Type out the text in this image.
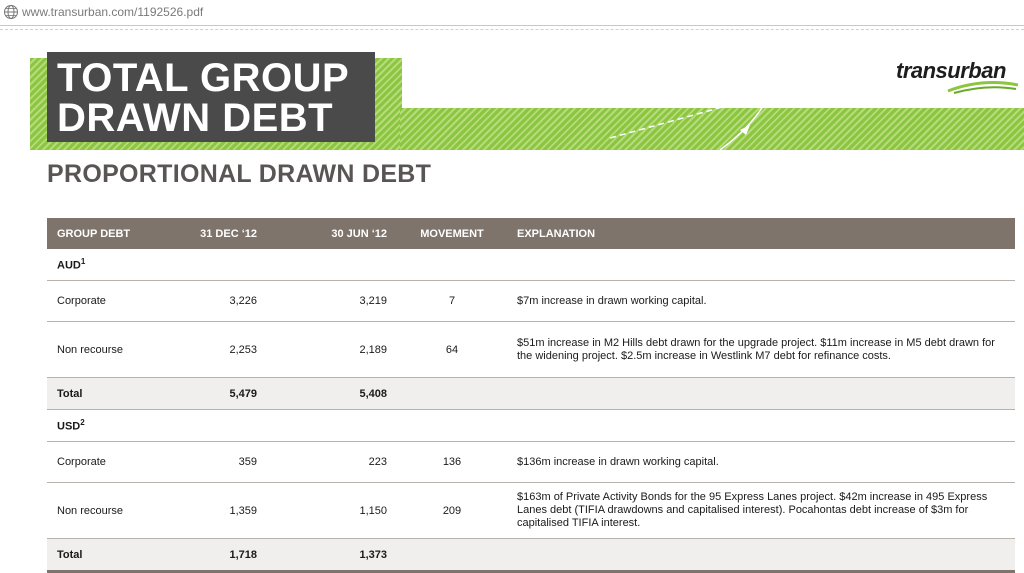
www.transurban.com/1192526.pdf
TOTAL GROUP
DRAWN DEBT
transurban
PROPORTIONAL DRAWN DEBT
GROUP DEBT	31 DEC ‘12	30 JUN ‘12	MOVEMENT	EXPLANATION
AUD$^1$
Corporate	3,226	3,219	7	$7m increase in drawn working capital.

Non recourse	2,253	2,189	64	$51m increase in M2 Hills debt drawn for the upgrade project. $11m increase in M5 debt drawn for the widening project. $2.5m increase in Westlink M7 debt for refinance costs.

Total	5,479	5,408		
USD$^2$
Corporate	359	223	136	$136m increase in drawn working capital.

Non recourse	1,359	1,150	209	$163m of Private Activity Bonds for the 95 Express Lanes project. $42m increase in 495 Express Lanes debt (TIFIA drawdowns and capitalised interest). Pocahontas debt increase of $3m for capitalised TIFIA interest.

Total	1,718	1,373		
